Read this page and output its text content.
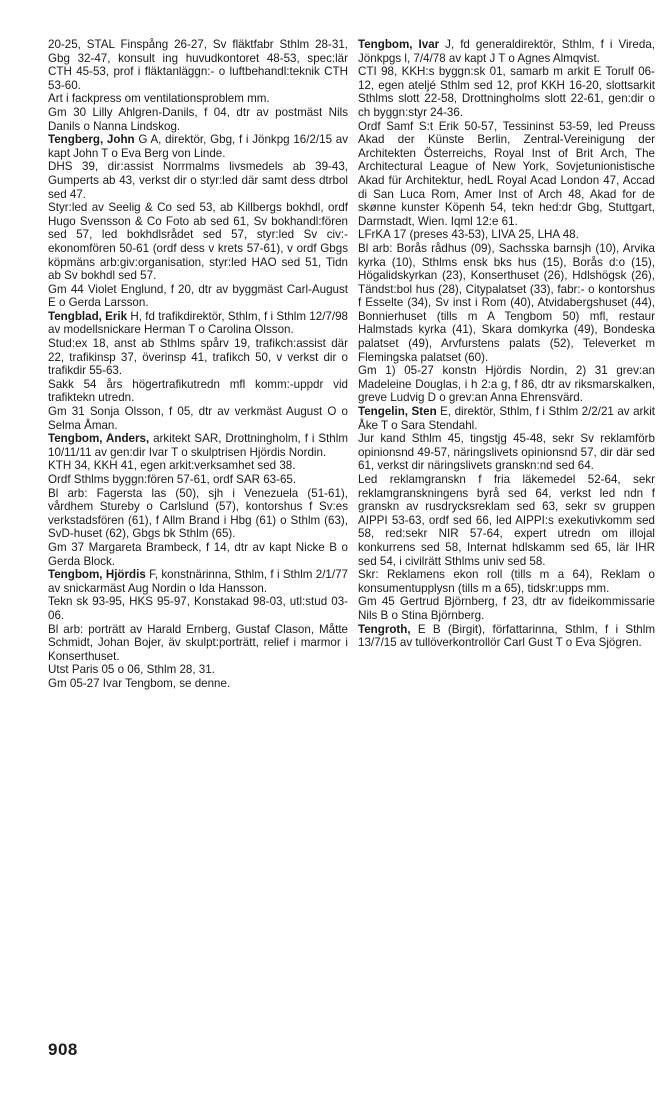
20-25, STAL Finspång 26-27, Sv fläktfabr Sthlm 28-31, Gbg 32-47, konsult ing huvudkontoret 48-53, spec:lär CTH 45-53, prof i fläktanläggn:- o luftbehandl:teknik CTH 53-60.

Art i fackpress om ventilationsproblem mm.

Gm 30 Lilly Ahlgren-Danils, f 04, dtr av postmäst Nils Danils o Nanna Lindskog.

Tengberg, John G A, direktör, Gbg, f i Jönkpg 16/2/15 av kapt John T o Eva Berg von Linde.

DHS 39, dir:assist Norrmalms livsmedels ab 39-43, Gumperts ab 43, verkst dir o styr:led där samt dess dtrbol sed 47.

Styr:led av Seelig & Co sed 53, ab Killbergs bokhdl, ordf Hugo Svensson & Co Foto ab sed 61, Sv bokhandl:fören sed 57, led bokhdlsrådet sed 57, styr:led Sv civ:-ekonomfören 50-61 (ordf dess v krets 57-61), v ordf Gbgs köpmäns arb:giv:organisation, styr:led HAO sed 51, Tidn ab Sv bokhdl sed 57.

Gm 44 Violet Englund, f 20, dtr av byggmäst Carl-August E o Gerda Larsson.

Tengblad, Erik H, fd trafikdirektör, Sthlm, f i Sthlm 12/7/98 av modellsnickare Herman T o Carolina Olsson.

Stud:ex 18, anst ab Sthlms spårv 19, trafikch:assist där 22, trafikinsp 37, överinsp 41, trafikch 50, v verkst dir o trafikdir 55-63.

Sakk 54 års högertrafikutredn mfl komm:-uppdr vid trafiktekn utredn.

Gm 31 Sonja Olsson, f 05, dtr av verkmäst August O o Selma Åman.

Tengbom, Anders, arkitekt SAR, Drottningholm, f i Sthlm 10/11/11 av gen:dir Ivar T o skulptrisen Hjördis Nordin.

KTH 34, KKH 41, egen arkit:verksamhet sed 38.

Ordf Sthlms byggn:fören 57-61, ordf SAR 63-65.

Bl arb: Fagersta las (50), sjh i Venezuela (51-61), vårdhem Stureby o Carlslund (57), kontorshus f Sv:es verkstadsfören (61), f Allm Brand i Hbg (61) o Sthlm (63), SvD-huset (62), Gbgs bk Sthlm (65).

Gm 37 Margareta Brambeck, f 14, dtr av kapt Nicke B o Gerda Block.

Tengbom, Hjördis F, konstnärinna, Sthlm, f i Sthlm 2/1/77 av snickarmäst Aug Nordin o Ida Hansson.

Tekn sk 93-95, HKS 95-97, Konstakad 98-03, utl:stud 03-06.

Bl arb: porträtt av Harald Ernberg, Gustaf Clason, Måtte Schmidt, Johan Bojer, äv skulpt:porträtt, relief i marmor i Konserthuset.

Utst Paris 05 o 06, Sthlm 28, 31.

Gm 05-27 Ivar Tengbom, se denne.

Tengbom, Ivar J, fd generaldirektör, Sthlm, f i Vireda, Jönkpgs l, 7/4/78 av kapt J T o Agnes Almqvist.

CTI 98, KKH:s byggn:sk 01, samarb m arkit E Torulf 06-12, egen ateljé Sthlm sed 12, prof KKH 16-20, slottsarkit Sthlms slott 22-58, Drottningholms slott 22-61, gen:dir o ch byggn:styr 24-36.

Ordf Samf S:t Erik 50-57, Tessininst 53-59, led Preuss Akad der Künste Berlin, Zentral-Vereinigung der Architekten Österreichs, Royal Inst of Brit Arch, The Architectural League of New York, Sovjetunionistische Akad für Architektur, hedL Royal Acad London 47, Accad di San Luca Rom, Amer Inst of Arch 48, Akad for de skønne kunster Köpenh 54, tekn hed:dr Gbg, Stuttgart, Darmstadt, Wien. Iqml 12:e 61.

LFrKA 17 (preses 43-53), LIVA 25, LHA 48.

Bl arb: Borås rådhus (09), Sachsska barnsjh (10), Arvika kyrka (10), Sthlms ensk bks hus (15), Borås d:o (15), Högalidskyrkan (23), Konserthuset (26), Hdlshögsk (26), Tändst:bol hus (28), Citypalatset (33), fabr:- o kontorshus f Esselte (34), Sv inst i Rom (40), Atvidabergshuset (44), Bonnierhuset (tills m A Tengbom 50) mfl, restaur Halmstads kyrka (41), Skara domkyrka (49), Bondeska palatset (49), Arvfurstens palats (52), Televerket m Flemingska palatset (60).

Gm 1) 05-27 konstn Hjördis Nordin, 2) 31 grev:an Madeleine Douglas, i h 2:a g, f 86, dtr av riksmarskalken, greve Ludvig D o grev:an Anna Ehrensvärd.

Tengelin, Sten E, direktör, Sthlm, f i Sthlm 2/2/21 av arkit Åke T o Sara Stendahl.

Jur kand Sthlm 45, tingstjg 45-48, sekr Sv reklamförb opinionsnd 49-57, näringslivets opinionsnd 57, dir där sed 61, verkst dir näringslivets granskn:nd sed 64.

Led reklamgranskn f fria läkemedel 52-64, sekr reklamgranskningens byrå sed 64, verkst led ndn f granskn av rusdrycksreklam sed 63, sekr sv gruppen AIPPI 53-63, ordf sed 66, led AIPPI:s exekutivkomm sed 58, red:sekr NIR 57-64, expert utredn om illojal konkurrens sed 58, Internat hdlskamm sed 65, lär IHR sed 54, i civilrätt Sthlms univ sed 58.

Skr: Reklamens ekon roll (tills m a 64), Reklam o konsumentupplysn (tills m a 65), tidskr:upps mm.

Gm 45 Gertrud Björnberg, f 23, dtr av fideikommissarie Nils B o Stina Björnberg.

Tengroth, E B (Birgit), författarinna, Sthlm, f i Sthlm 13/7/15 av tullöverkontrollör Carl Gust T o Eva Sjögren.

908
